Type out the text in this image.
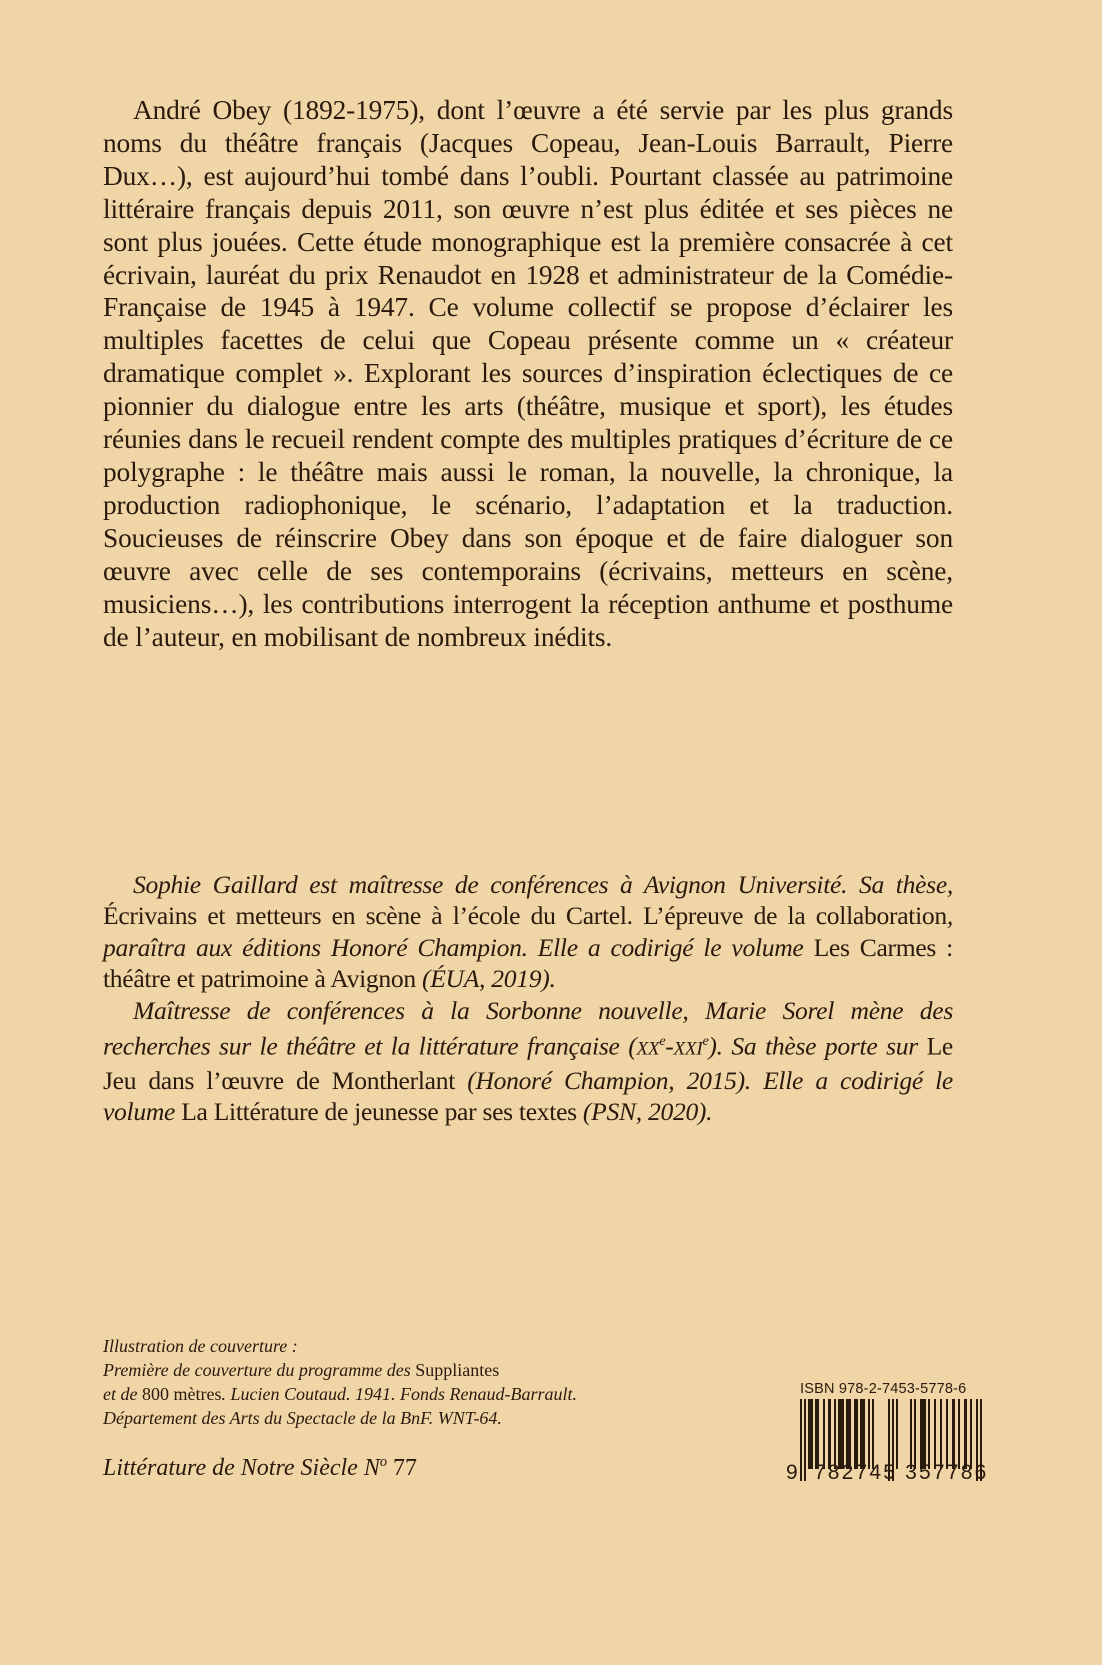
André Obey (1892-1975), dont l’œuvre a été servie par les plus grands noms du théâtre français (Jacques Copeau, Jean-Louis Barrault, Pierre Dux…), est aujourd’hui tombé dans l’oubli. Pourtant classée au patrimoine littéraire français depuis 2011, son œuvre n’est plus éditée et ses pièces ne sont plus jouées. Cette étude monographique est la première consacrée à cet écrivain, lauréat du prix Renaudot en 1928 et administrateur de la Comédie-Française de 1945 à 1947. Ce volume collectif se propose d’éclairer les multiples facettes de celui que Copeau présente comme un « créateur dramatique complet ». Explorant les sources d’inspiration éclectiques de ce pionnier du dialogue entre les arts (théâtre, musique et sport), les études réunies dans le recueil rendent compte des multiples pratiques d’écriture de ce polygraphe : le théâtre mais aussi le roman, la nouvelle, la chronique, la production radiophonique, le scénario, l’adaptation et la traduction. Soucieuses de réinscrire Obey dans son époque et de faire dialoguer son œuvre avec celle de ses contemporains (écrivains, metteurs en scène, musiciens…), les contributions interrogent la réception anthume et posthume de l’auteur, en mobilisant de nombreux inédits.

Sophie Gaillard est maîtresse de conférences à Avignon Université. Sa thèse, Écrivains et metteurs en scène à l’école du Cartel. L’épreuve de la collaboration, paraîtra aux éditions Honoré Champion. Elle a codirigé le volume Les Carmes : théâtre et patrimoine à Avignon (ÉUA, 2019).

Maîtresse de conférences à la Sorbonne nouvelle, Marie Sorel mène des recherches sur le théâtre et la littérature française (XXe-XXIe). Sa thèse porte sur Le Jeu dans l’œuvre de Montherlant (Honoré Champion, 2015). Elle a codirigé le volume La Littérature de jeunesse par ses textes (PSN, 2020).

Illustration de couverture :
Première de couverture du programme des Suppliantes
et de 800 mètres. Lucien Coutaud. 1941. Fonds Renaud-Barrault.
Département des Arts du Spectacle de la BnF. WNT-64.
Littérature de Notre Siècle $N^o$ 77
ISBN 978-2-7453-5778-6
9 782745 357786
